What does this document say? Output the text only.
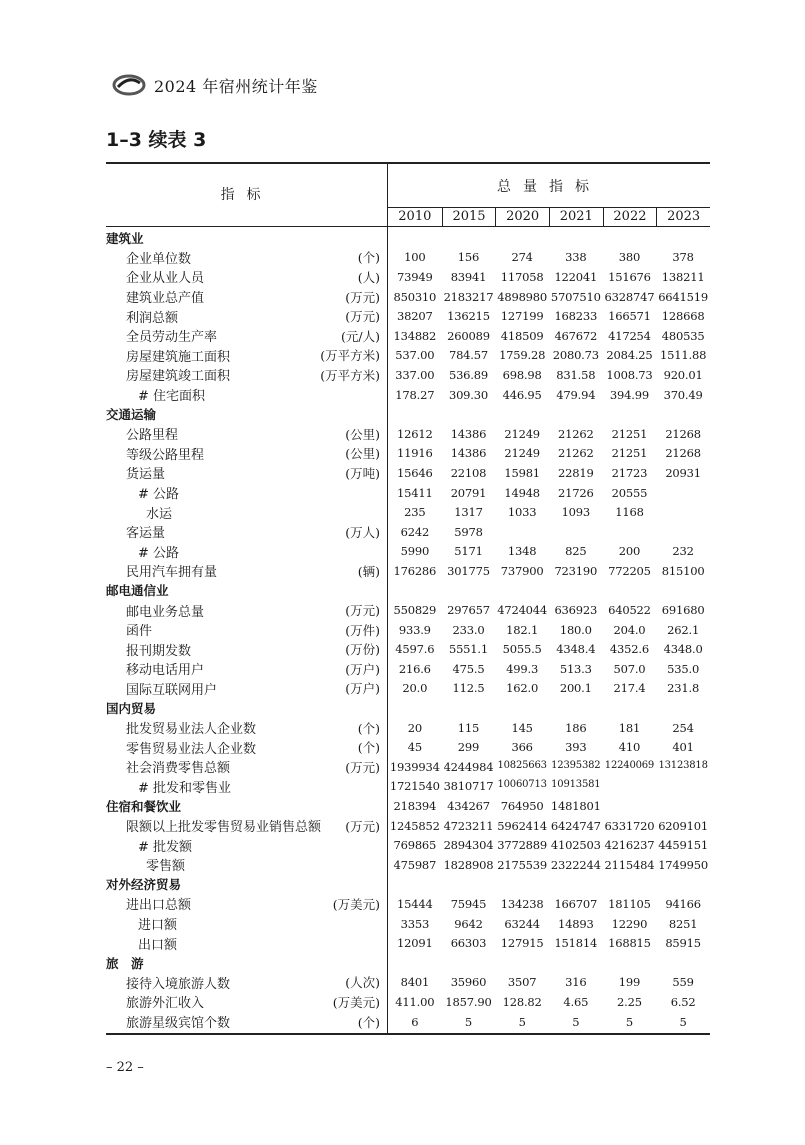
2024 年宿州统计年鉴
1–3 续表 3
指标	总量指标
2010	2015	2020	2021	2022	2023
建筑业
企业单位数	(个)	100	156	274	338	380	378
企业从业人员	(人)	73949	83941	117058 122041 151676 138211
建筑业总产值	(万元)	850310 2183217 4898980 5707510 6328747 6641519
利润总额	(万元)	38207	136215 127199 168233 166571 128668
全员劳动生产率	(元/人)	134882 260089 418509 467672 417254 480535
房屋建筑施工面积	(万平方米)	537.00	784.57 1759.28 2080.73 2084.25 1511.88
房屋建筑竣工面积	(万平方米)	337.00	536.89	698.98	831.58 1008.73 920.01
# 住宅面积	178.27	309.30	446.95	479.94	394.99	370.49
交通运输
公路里程	(公里)	12612	14386	21249	21262	21251	21268
等级公路里程	(公里)	11916	14386	21249	21262	21251	21268
货运量	(万吨)	15646	22108	15981	22819	21723	20931
# 公路	15411	20791	14948	21726	20555
水运	235	1317	1033	1093	1168
客运量	(万人)	6242	5978
# 公路	5990	5171	1348	825	200	232
民用汽车拥有量	(辆)	176286 301775 737900 723190 772205 815100
邮电通信业
邮电业务总量	(万元)	550829 297657 4724044 636923 640522 691680
函件	(万件)	933.9	233.0	182.1	180.0	204.0	262.1
报刊期发数	(万份)	4597.6	5551.1	5055.5	4348.4	4352.6	4348.0
移动电话用户	(万户)	216.6	475.5	499.3	513.3	507.0	535.0
国际互联网用户	(万户)	20.0	112.5	162.0	200.1	217.4	231.8
国内贸易
批发贸易业法人企业数	(个)	20	115	145	186	181	254
零售贸易业法人企业数	(个)	45	299	366	393	410	401
社会消费零售总额	(万元) 1939934 4244984 10825663 12395382 12240069 13123818
# 批发和零售业	1721540 3810717 10060713 10913581
住宿和餐饮业	218394 434267 764950 1481801
限额以上批发零售贸易业销售总额 (万元) 1245852 4723211 5962414 6424747 6331720 6209101
# 批发额	769865 2894304 3772889 4102503 4216237 4459151
零售额	475987 1828908 2175539 2322244 2115484 1749950
对外经济贸易
进出口总额	(万美元)	15444	75945	134238 166707 181105	94166
进口额	3353	9642	63244	14893	12290	8251
出口额	12091	66303	127915 151814 168815	85915
旅　游
接待入境旅游人数	(人次)	8401	35960	3507	316	199	559
旅游外汇收入	(万美元)	411.00 1857.90 128.82	4.65	2.25	6.52
旅游星级宾馆个数	(个)	6	5	5	5	5	5
– 22 –
